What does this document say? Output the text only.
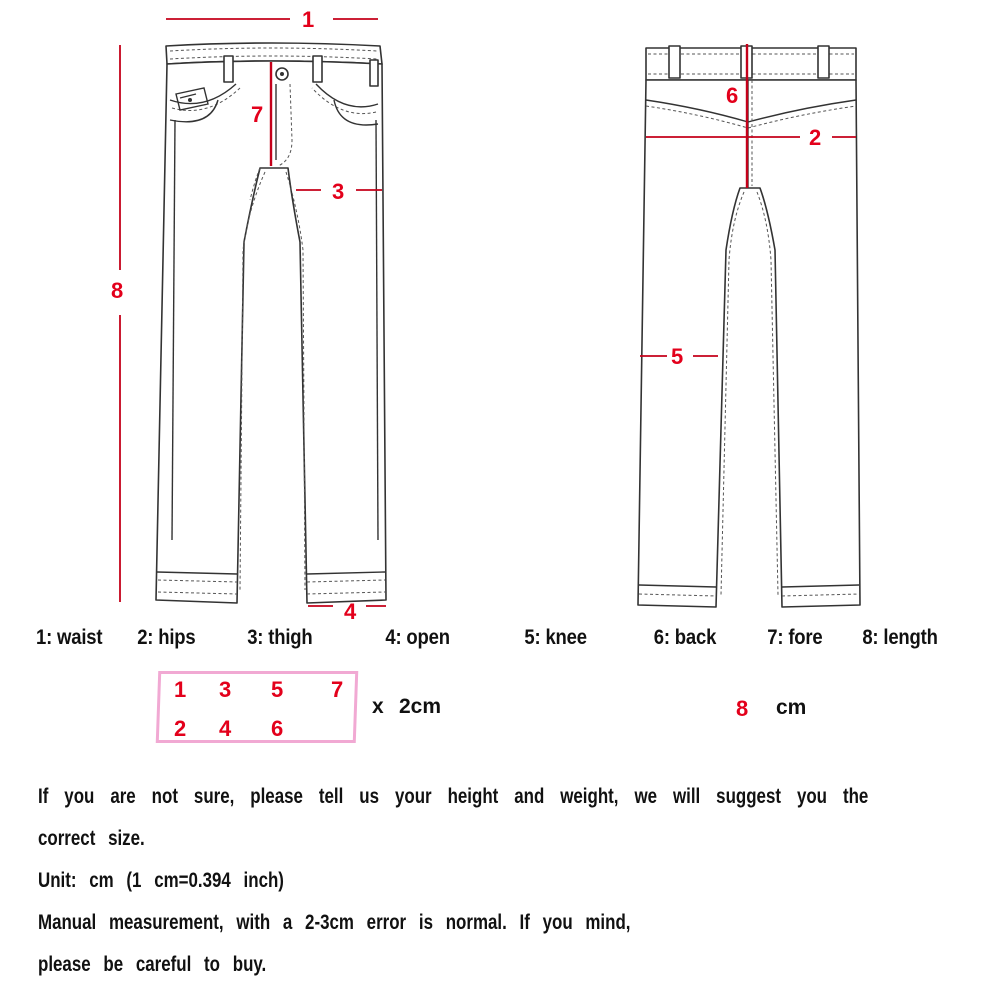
1
8
7
3
4
6
2
5
1: waist 2: hips 3: thigh	4: open	5: knee	6: back 7: fore 8: length
1 3 5 7
2 4 6
x 2cm	8 cm

If you are not sure, please tell us your height and weight, we will suggest you the

correct size.

Unit: cm (1 cm=0.394 inch)

Manual measurement, with a 2-3cm error is normal. If you mind,

please be careful to buy.
